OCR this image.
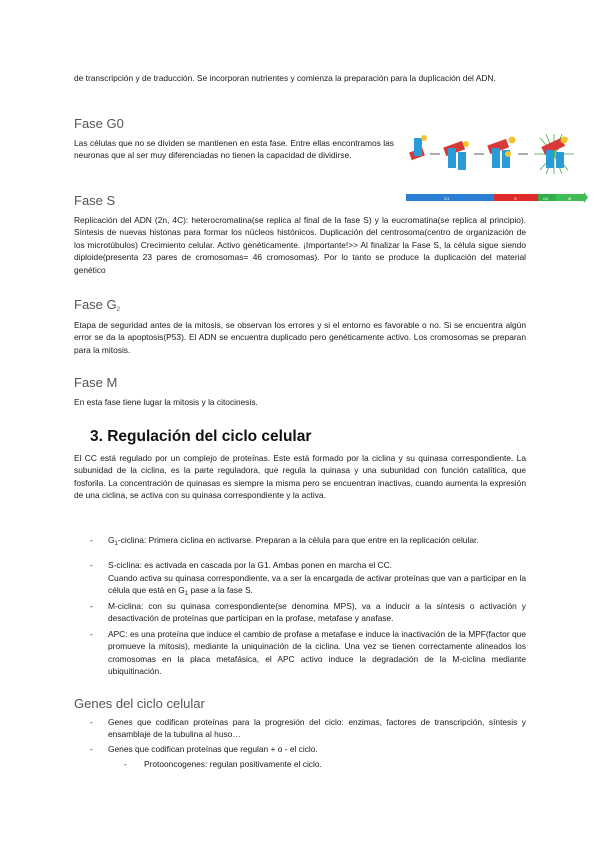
de transcripción y de traducción. Se incorporan nutrientes y comienza la preparación para la duplicación del ADN.

Fase G0

Las células que no se dividen se mantienen en esta fase. Entre ellas encontramos las neuronas que al ser muy diferenciadas no tienen la capacidad de dividirse.

G1	S	G2	M
Fase S

Replicación del ADN (2n, 4C): heterocromatina(se replica al final de la fase S) y la eucromatina(se replica al principio). Síntesis de nuevas histonas para formar los núcleos histónicos. Duplicación del centrosoma(centro de organización de los microtúbulos) Crecimiento celular. Activo genéticamente. ¡Importante!>> Al finalizar la Fase S, la célula sigue siendo diploide(presenta 23 pares de cromosomas= 46 cromosomas). Por lo tanto se produce la duplicación del material genético

Fase $G_2$

Etapa de seguridad antes de la mitosis, se observan los errores y si el entorno es favorable o no. Si se encuentra algún error se da la apoptosis(P53). El ADN se encuentra duplicado pero genéticamente activo. Los cromosomas se preparan para la mitosis.

Fase M

En esta fase tiene lugar la mitosis y la citocinesis.

3. Regulación del ciclo celular

El CC está regulado por un complejo de proteínas. Este está formado por la ciclina y su quinasa correspondiente. La subunidad de la ciclina, es la parte reguladora, que regula la quinasa y una subunidad con función catalítica, que fosforila. La concentración de quinasas es siempre la misma pero se encuentran inactivas, cuando aumenta la expresión de una ciclina, se activa con su quinasa correspondiente y la activa.

- $G_1$-ciclina: Primera ciclina en activarse. Preparan a la célula para que entre en la replicación celular.

- S-ciclina: es activada en cascada por la G1. Ambas ponen en marcha el CC.

Cuando activa su quinasa correspondiente, va a ser la encargada de activar proteínas que van a participar en la célula que está en $G_1$ pase a la fase S.

- M-ciclina: con su quinasa correspondiente(se denomina MPS), va a inducir a la síntesis o activación y desactivación de proteínas que participan en la profase, metafase y anafase.

- APC: es una proteína que induce el cambio de profase a metafase e induce la inactivación de la MPF(factor que promueve la mitosis), mediante la uniquinación de la ciclina. Una vez se tienen correctamente alineados los cromosomas en la placa metafásica, el APC activo induce la degradación de la M-ciclina mediante ubiquitinación.

Genes del ciclo celular
- Genes que codifican proteínas para la progresión del ciclo: enzimas, factores de transcripción, síntesis y ensamblaje de la tubulina al huso…

- Genes que codifican proteínas que regulan + o - el ciclo.

- Protooncogenes: regulan positivamente el ciclo.
